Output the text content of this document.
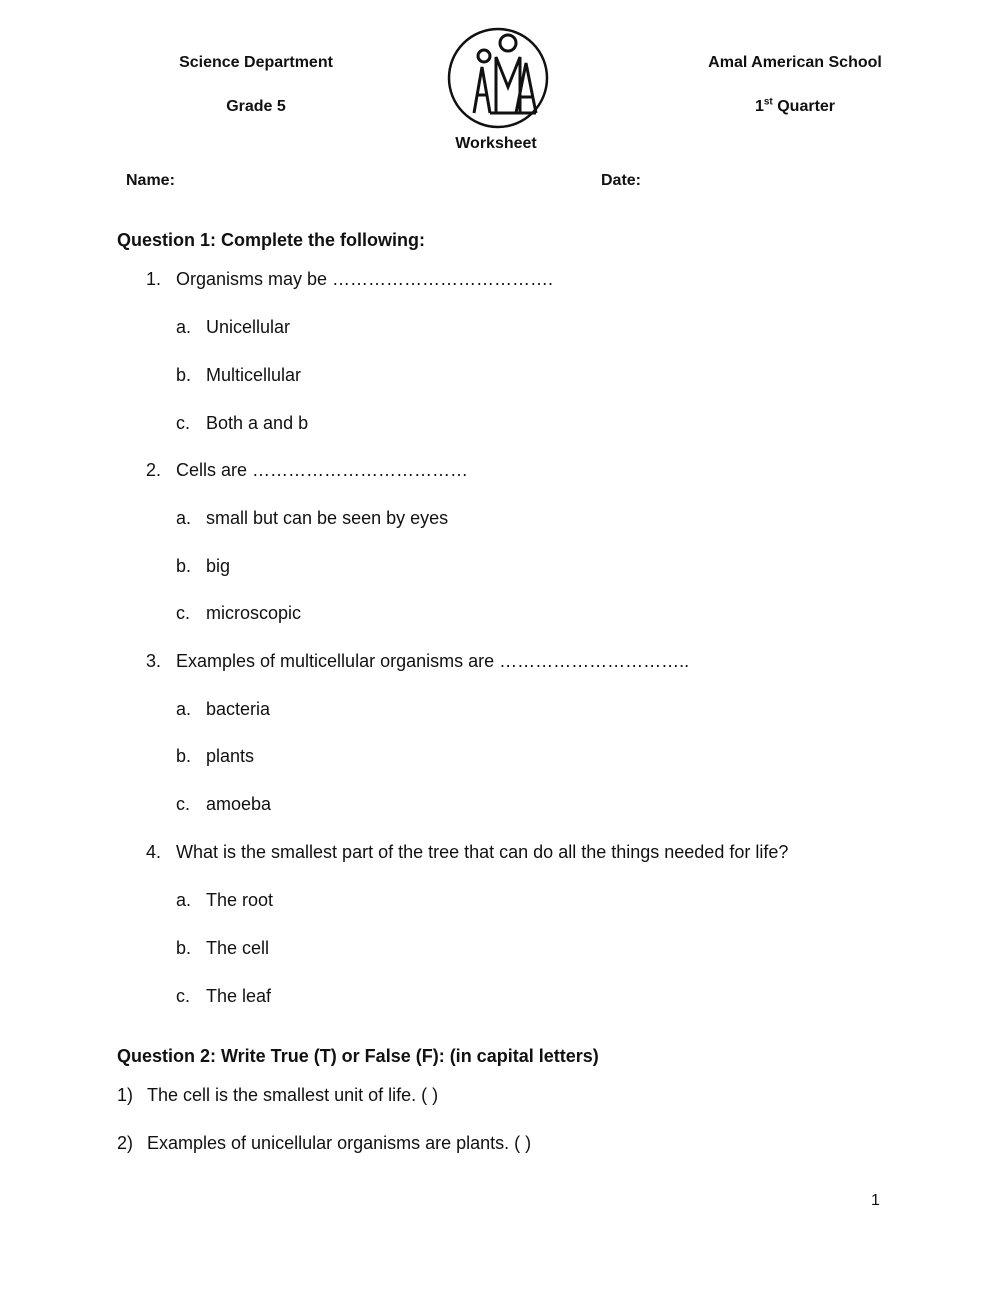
Science Department
Grade 5
Amal American School
1st Quarter
Worksheet
Name:	Date:
Question 1: Complete the following:
1. Organisms may be ……………………………….
a. Unicellular
b. Multicellular
c. Both a and b
2. Cells are ………………………………
a. small but can be seen by eyes
b. big
c. microscopic
3. Examples of multicellular organisms are …………………………..
a. bacteria
b. plants
c. amoeba
4. What is the smallest part of the tree that can do all the things needed for life?
a. The root
b. The cell
c. The leaf
Question 2: Write True (T) or False (F): (in capital letters)
1) The cell is the smallest unit of life. ( )
2) Examples of unicellular organisms are plants. ( )
1
